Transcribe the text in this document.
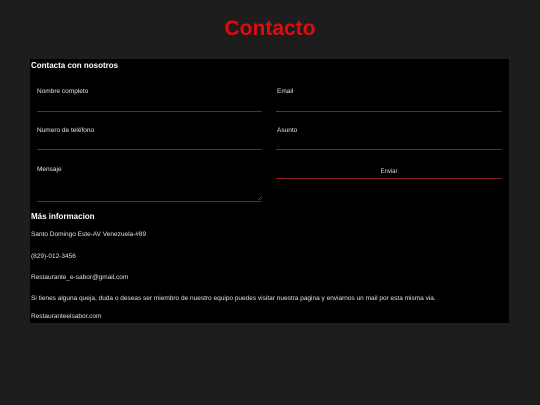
Contacto
Contacta con nosotros
Nombre completo	Email
Numero de teléfono	Asunto
Mensaje	Enviar
Más informacion
Santo Domingo Este-AV Venezuela-#89
(829)-012-3456
Restaurante_e-sabor@gmail.com
Si tienes alguna queja, duda o deseas ser miembro de nuestro equipo puedes visitar nuestra pagina y enviarnos un mail por esta misma via.
Restauranteelsabor.com
